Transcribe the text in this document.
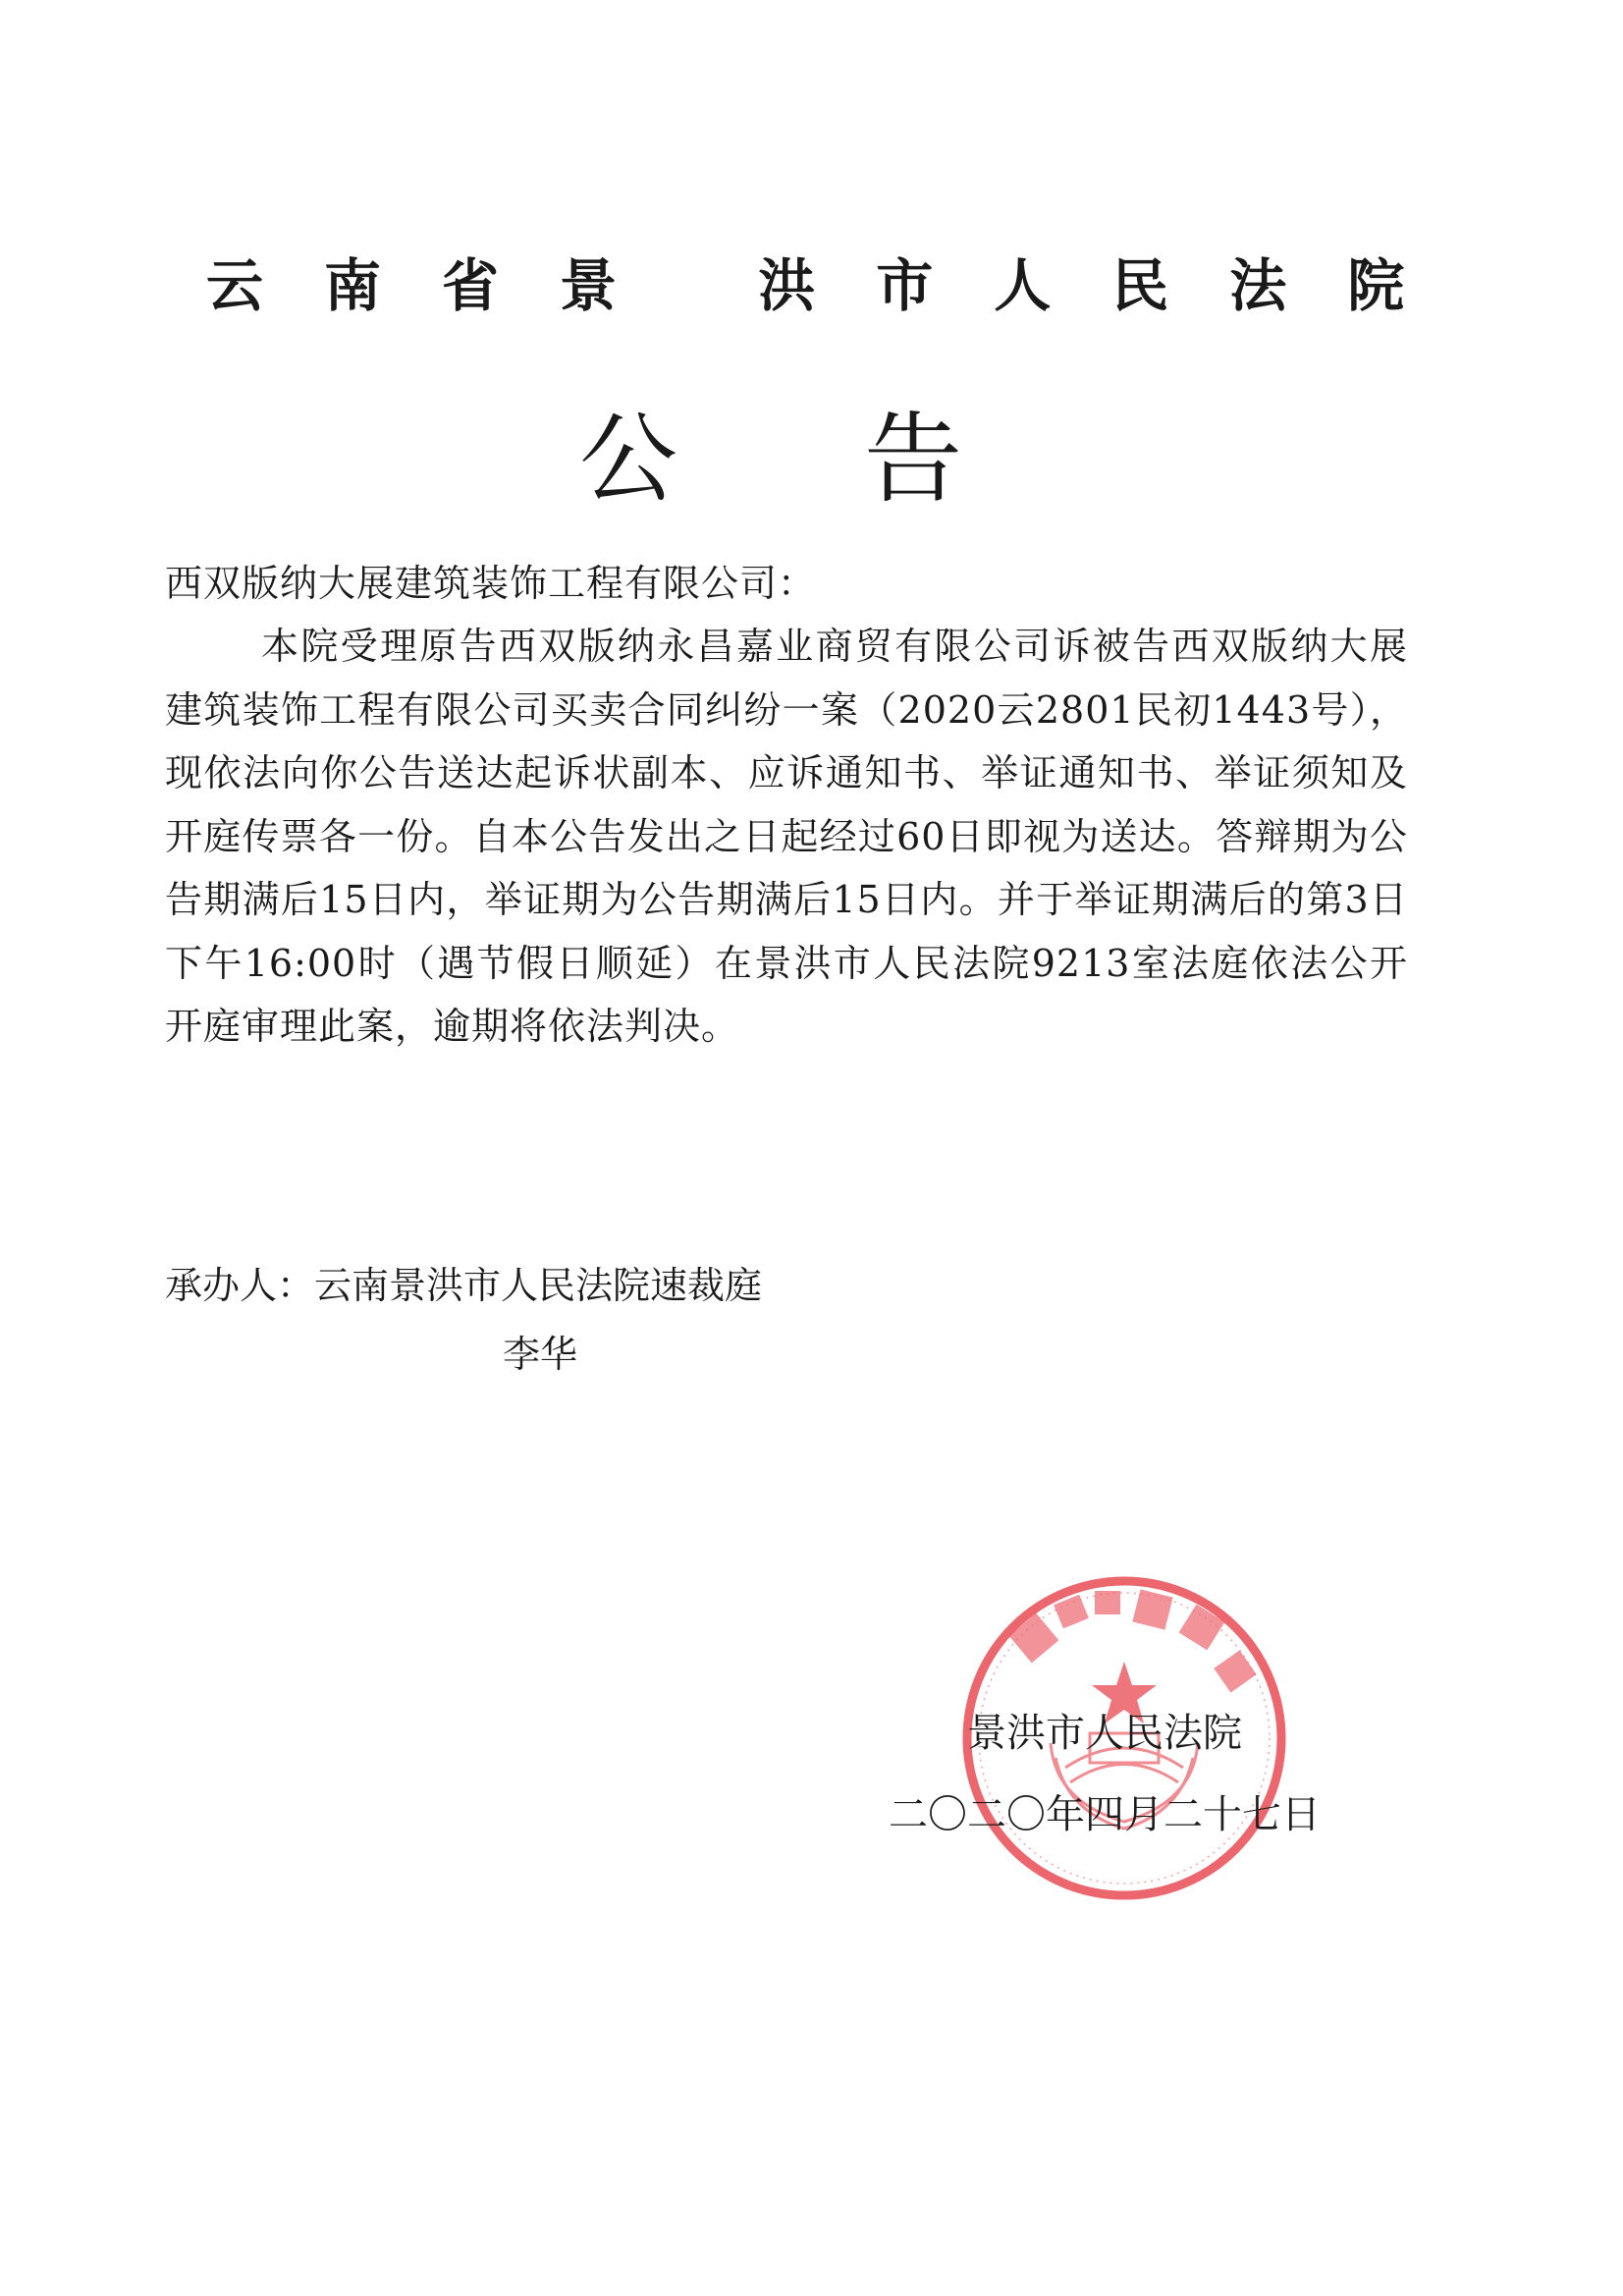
云南省景 洪市人民法院
公告
西双版纳大展建筑装饰工程有限公司：

本院受理原告西双版纳永昌嘉业商贸有限公司诉被告西双版纳大展建筑装饰工程有限公司买卖合同纠纷一案（2020云2801民初1443号），现依法向你公告送达起诉状副本、应诉通知书、举证通知书、举证须知及开庭传票各一份。自本公告发出之日起经过60日即视为送达。答辩期为公告期满后15日内，举证期为公告期满后15日内。并于举证期满后的第3日下午16:00时（遇节假日顺延）在景洪市人民法院9213室法庭依法公开开庭审理此案，逾期将依法判决。

承办人：云南景洪市人民法院速裁庭
李华
景洪市人民法院
二〇二〇年四月二十七日
